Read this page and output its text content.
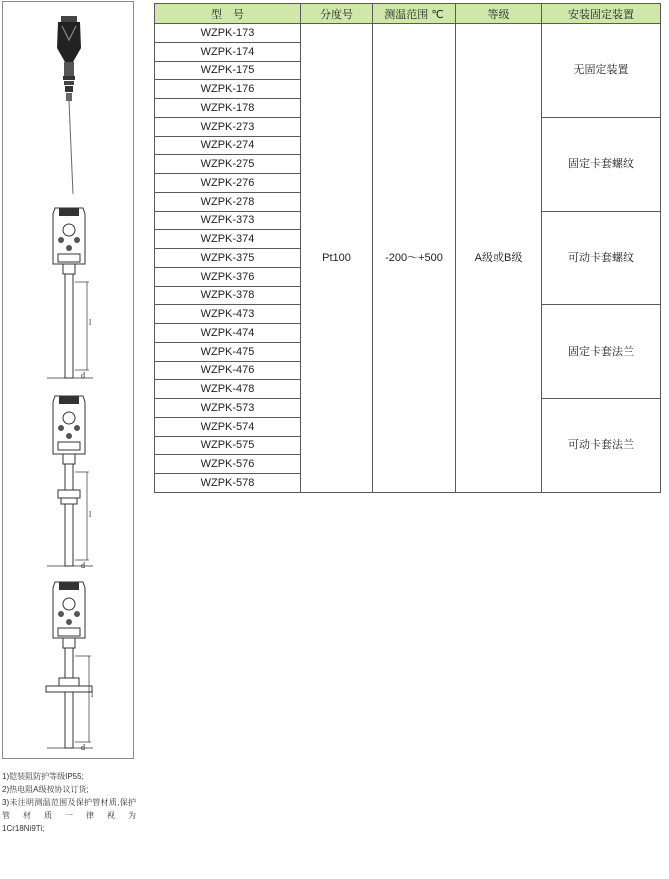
l
d
l
d
l
d
1)铠装阻防护等级IP55;
2)热电阻A级按协议订货;
3)未注明测温范围及保护管材质,保护管材质一律视为
1Cr18Ni9Ti;
型　号	分度号	测温范围 ℃	等级	安装固定装置
WZPK-173	Pt100	-200～+500	A级或B级	无固定装置
WZPK-174				
WZPK-175				
WZPK-176				
WZPK-178				
WZPK-273				固定卡套螺纹
WZPK-274				
WZPK-275				
WZPK-276				
WZPK-278				
WZPK-373				可动卡套螺纹
WZPK-374				
WZPK-375				
WZPK-376				
WZPK-378				
WZPK-473				固定卡套法兰
WZPK-474				
WZPK-475				
WZPK-476				
WZPK-478				
WZPK-573				可动卡套法兰
WZPK-574				
WZPK-575				
WZPK-576				
WZPK-578				
